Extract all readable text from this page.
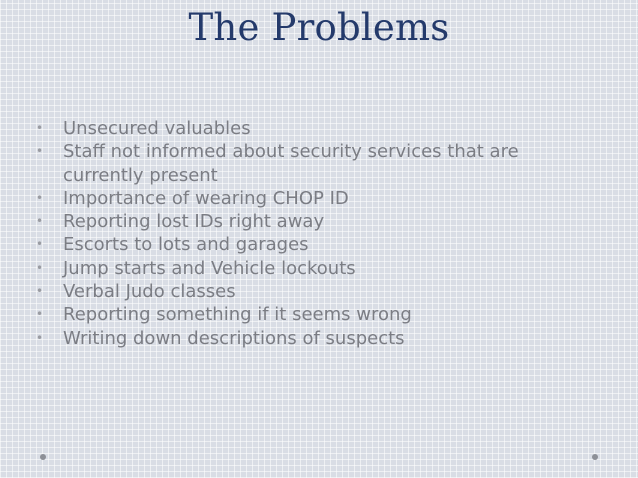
The Problems
• Unsecured valuables
• Staff not informed about security services that are currently present
• Importance of wearing CHOP ID
• Reporting lost IDs right away
• Escorts to lots and garages
• Jump starts and Vehicle lockouts
• Verbal Judo classes
• Reporting something if it seems wrong
• Writing down descriptions of suspects
